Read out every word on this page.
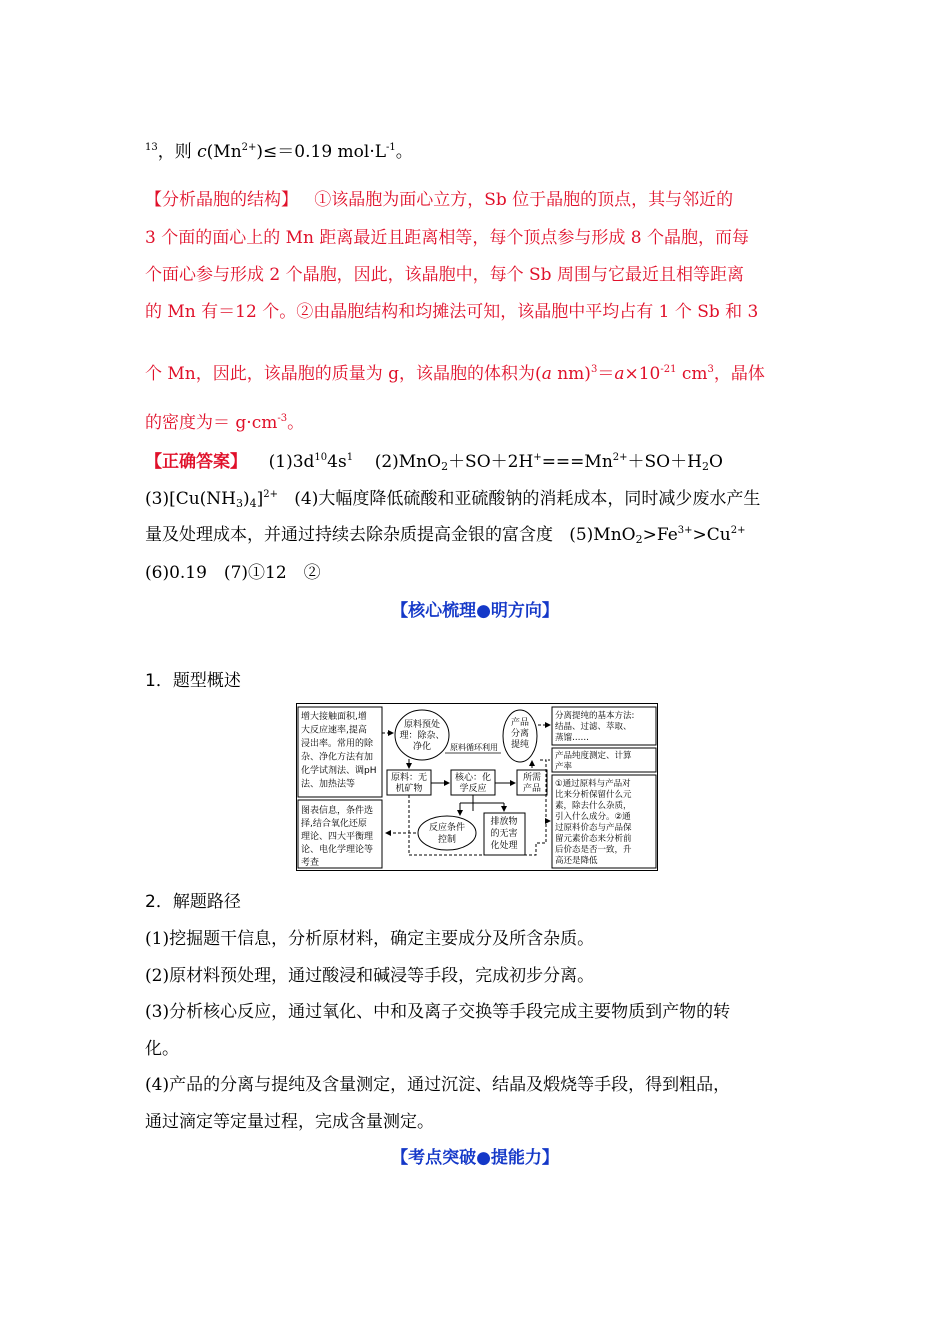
$^{13}$，则 $c(Mn^{2+})\le=0.19$ $mol\cdot L^{-1}$。
【分析晶胞的结构】 ①该晶胞为面心立方，Sb 位于晶胞的顶点，其与邻近的
3 个面的面心上的 Mn 距离最近且距离相等，每个顶点参与形成 8 个晶胞，而每
个面心参与形成 2 个晶胞，因此，该晶胞中，每个 Sb 周围与它最近且相等距离
的 Mn 有＝12 个。②由晶胞结构和均摊法可知，该晶胞中平均占有 1 个 Sb 和 3
个 Mn，因此，该晶胞的质量为 g，该晶胞的体积为(a $nm)^3=a\times 10^{-21}$ $cm^3$，晶体
的密度为＝ $g\cdot cm^{-3}$。
【正确答案】 $(1)3d^{10}4s^1$ $(2)MnO_2+SO+2H^+===Mn^{2+}+SO+H_2O$
$(3)[Cu(NH_3)_4]^{2+}$ (4)大幅度降低硫酸和亚硫酸钠的消耗成本，同时减少废水产生
量及处理成本，并通过持续去除杂质提高金银的富含度 $(5)MnO_2>Fe^{3+}>Cu^{2+}$
(6)0.19　(7)①12　②
【核心梳理●明方向】
1．题型概述
增大接触面积,增
大反应速率,提高
浸出率。常用的除
杂、净化方法有加
化学试剂法、调pH
法、加热法等
图表信息，条件选
择,结合氧化还原
理论、四大平衡理
论、电化学理论等
考查
分离提纯的基本方法:
结晶、过滤、萃取、
蒸馏……
产品纯度测定、计算
产率
①通过原料与产品对
比来分析保留什么元
素，除去什么杂质，
引入什么成分。②通
过原料价态与产品保
留元素价态来分析前
后价态是否一致，升
高还是降低
原料预处
理：除杂、
净化
产品
分离
提纯
原料：无
机矿物
核心：化
学反应
所需
产品
原料循环利用
反应条件
控制
排放物
的无害
化处理
2．解题路径
(1)挖掘题干信息，分析原材料，确定主要成分及所含杂质。
(2)原材料预处理，通过酸浸和碱浸等手段，完成初步分离。
(3)分析核心反应，通过氧化、中和及离子交换等手段完成主要物质到产物的转
化。
(4)产品的分离与提纯及含量测定，通过沉淀、结晶及煅烧等手段，得到粗品，
通过滴定等定量过程，完成含量测定。
【考点突破●提能力】
